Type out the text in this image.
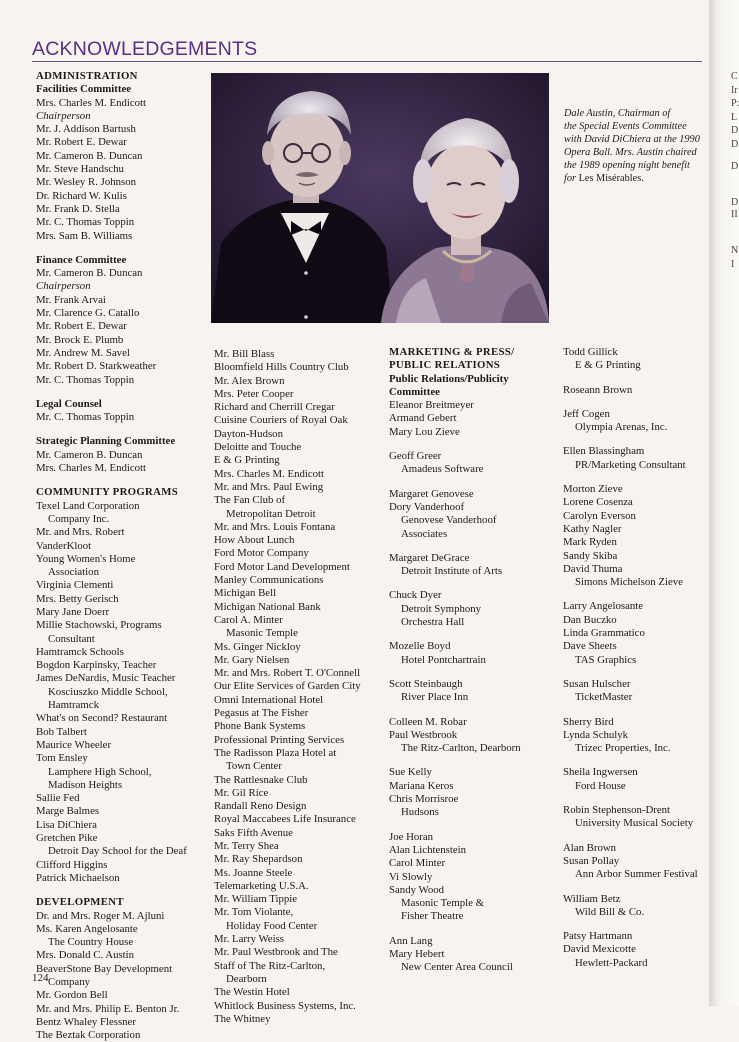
C
Ir
P:
L
D
D
D
D
II
N
I
ACKNOWLEDGEMENTS
ADMINISTRATION
Facilities Committee
Mrs. Charles M. Endicott
Chairperson
Mr. J. Addison Bartush
Mr. Robert E. Dewar
Mr. Cameron B. Duncan
Mr. Steve Handschu
Mr. Wesley R. Johnson
Dr. Richard W. Kulis
Mr. Frank D. Stella
Mr. C. Thomas Toppin
Mrs. Sam B. Williams
Finance Committee
Mr. Cameron B. Duncan
Chairperson
Mr. Frank Arvai
Mr. Clarence G. Catallo
Mr. Robert E. Dewar
Mr. Brock E. Plumb
Mr. Andrew M. Savel
Mr. Robert D. Starkweather
Mr. C. Thomas Toppin
Legal Counsel
Mr. C. Thomas Toppin
Strategic Planning Committee
Mr. Cameron B. Duncan
Mrs. Charles M. Endicott
COMMUNITY PROGRAMS
Texel Land Corporation
Company Inc.
Mr. and Mrs. Robert
VanderKloot
Young Women's Home
Association
Virginia Clementi
Mrs. Betty Gerisch
Mary Jane Doerr
Millie Stachowski, Programs
Consultant
Hamtramck Schools
Bogdon Karpinsky, Teacher
James DeNardis, Music Teacher
Kosciuszko Middle School,
Hamtramck
What's on Second? Restaurant
Bob Talbert
Maurice Wheeler
Tom Ensley
Lamphere High School,
Madison Heights
Sallie Fed
Marge Balmes
Lisa DiChiera
Gretchen Pike
Detroit Day School for the Deaf
Clifford Higgins
Patrick Michaelson
DEVELOPMENT
Dr. and Mrs. Roger M. Ajluni
Ms. Karen Angelosante
The Country House
Mrs. Donald C. Austin
BeaverStone Bay Development
Company
Mr. Gordon Bell
Mr. and Mrs. Philip E. Benton Jr.
Bentz Whaley Flessner
The Beztak Corporation
Dale Austin, Chairman of
the Special Events Committee
with David DiChiera at the 1990
Opera Ball. Mrs. Austin chaired
the 1989 opening night benefit
for Les Misérables.
Mr. Bill Blass
Bloomfield Hills Country Club
Mr. Alex Brown
Mrs. Peter Cooper
Richard and Cherrill Cregar
Cuisine Couriers of Royal Oak
Dayton-Hudson
Deloitte and Touche
E & G Printing
Mrs. Charles M. Endicott
Mr. and Mrs. Paul Ewing
The Fan Club of
Metropolitan Detroit
Mr. and Mrs. Louis Fontana
How About Lunch
Ford Motor Company
Ford Motor Land Development
Manley Communications
Michigan Bell
Michigan National Bank
Carol A. Minter
Masonic Temple
Ms. Ginger Nickloy
Mr. Gary Nielsen
Mr. and Mrs. Robert T. O'Connell
Our Elite Services of Garden City
Omni International Hotel
Pegasus at The Fisher
Phone Bank Systems
Professional Printing Services
The Radisson Plaza Hotel at
Town Center
The Rattlesnake Club
Mr. Gil Rice
Randall Reno Design
Royal Maccabees Life Insurance
Saks Fifth Avenue
Mr. Terry Shea
Mr. Ray Shepardson
Ms. Joanne Steele
Telemarketing U.S.A.
Mr. William Tippie
Mr. Tom Violante,
Holiday Food Center
Mr. Larry Weiss
Mr. Paul Westbrook and The
Staff of The Ritz-Carlton,
Dearborn
The Westin Hotel
Whitlock Business Systems, Inc.
The Whitney
MARKETING & PRESS/
PUBLIC RELATIONS
Public Relations/Publicity
Committee
Eleanor Breitmeyer
Armand Gebert
Mary Lou Zieve
Geoff Greer
Amadeus Software
Margaret Genovese
Dory Vanderhoof
Genovese Vanderhoof
Associates
Margaret DeGrace
Detroit Institute of Arts
Chuck Dyer
Detroit Symphony
Orchestra Hall
Mozelle Boyd
Hotel Pontchartrain
Scott Steinbaugh
River Place Inn
Colleen M. Robar
Paul Westbrook
The Ritz-Carlton, Dearborn
Sue Kelly
Mariana Keros
Chris Morrisroe
Hudsons
Joe Horan
Alan Lichtenstein
Carol Minter
Vi Slowly
Sandy Wood
Masonic Temple &
Fisher Theatre
Ann Lang
Mary Hebert
New Center Area Council
Todd Gillick
E & G Printing
Roseann Brown
Jeff Cogen
Olympia Arenas, Inc.
Ellen Blassingham
PR/Marketing Consultant
Morton Zieve
Lorene Cosenza
Carolyn Everson
Kathy Nagler
Mark Ryden
Sandy Skiba
David Thuma
Simons Michelson Zieve
Larry Angelosante
Dan Buczko
Linda Grammatico
Dave Sheets
TAS Graphics
Susan Hulscher
TicketMaster
Sherry Bird
Lynda Schulyk
Trizec Properties, Inc.
Sheila Ingwersen
Ford House
Robin Stephenson-Drent
University Musical Society
Alan Brown
Susan Pollay
Ann Arbor Summer Festival
William Betz
Wild Bill & Co.
Patsy Hartmann
David Mexicotte
Hewlett-Packard
124
